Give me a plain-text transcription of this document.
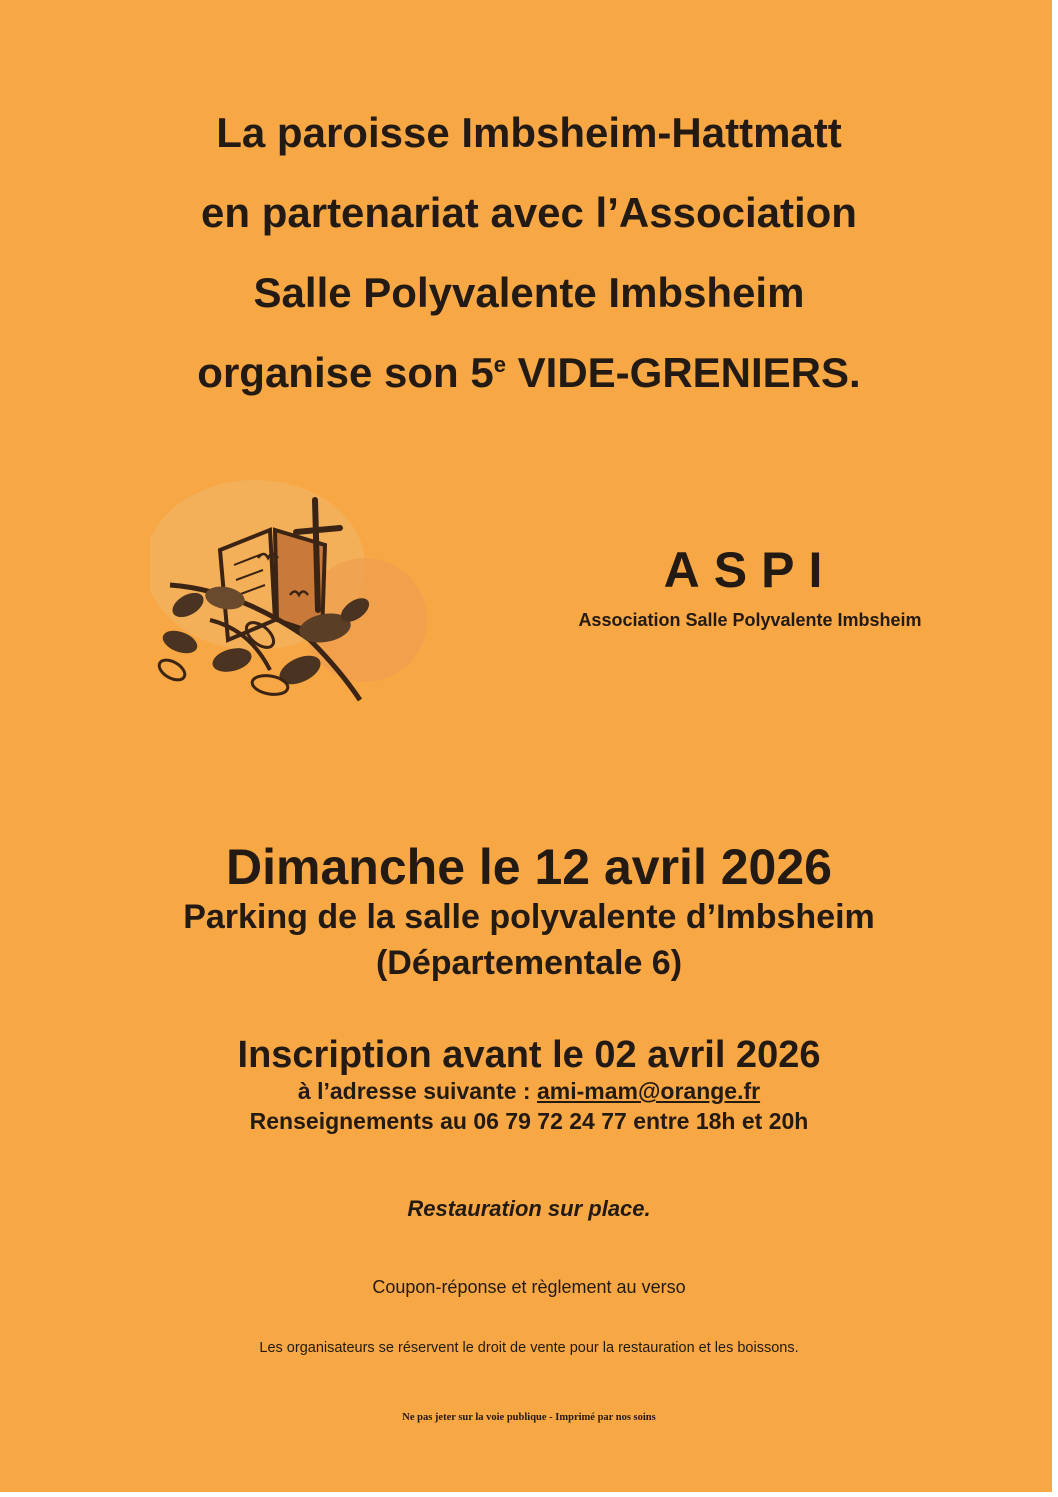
La paroisse Imbsheim-Hattmatt
en partenariat avec l’Association
Salle Polyvalente Imbsheim
organise son 5e VIDE-GRENIERS.
ASPI
Association Salle Polyvalente Imbsheim
Dimanche le 12 avril 2026
Parking de la salle polyvalente d’Imbsheim
(Départementale 6)
Inscription avant le 02 avril 2026
à l’adresse suivante : ami-mam@orange.fr
Renseignements au 06 79 72 24 77 entre 18h et 20h
Restauration sur place.
Coupon-réponse et règlement au verso
Les organisateurs se réservent le droit de vente pour la restauration et les boissons.
Ne pas jeter sur la voie publique - Imprimé par nos soins
